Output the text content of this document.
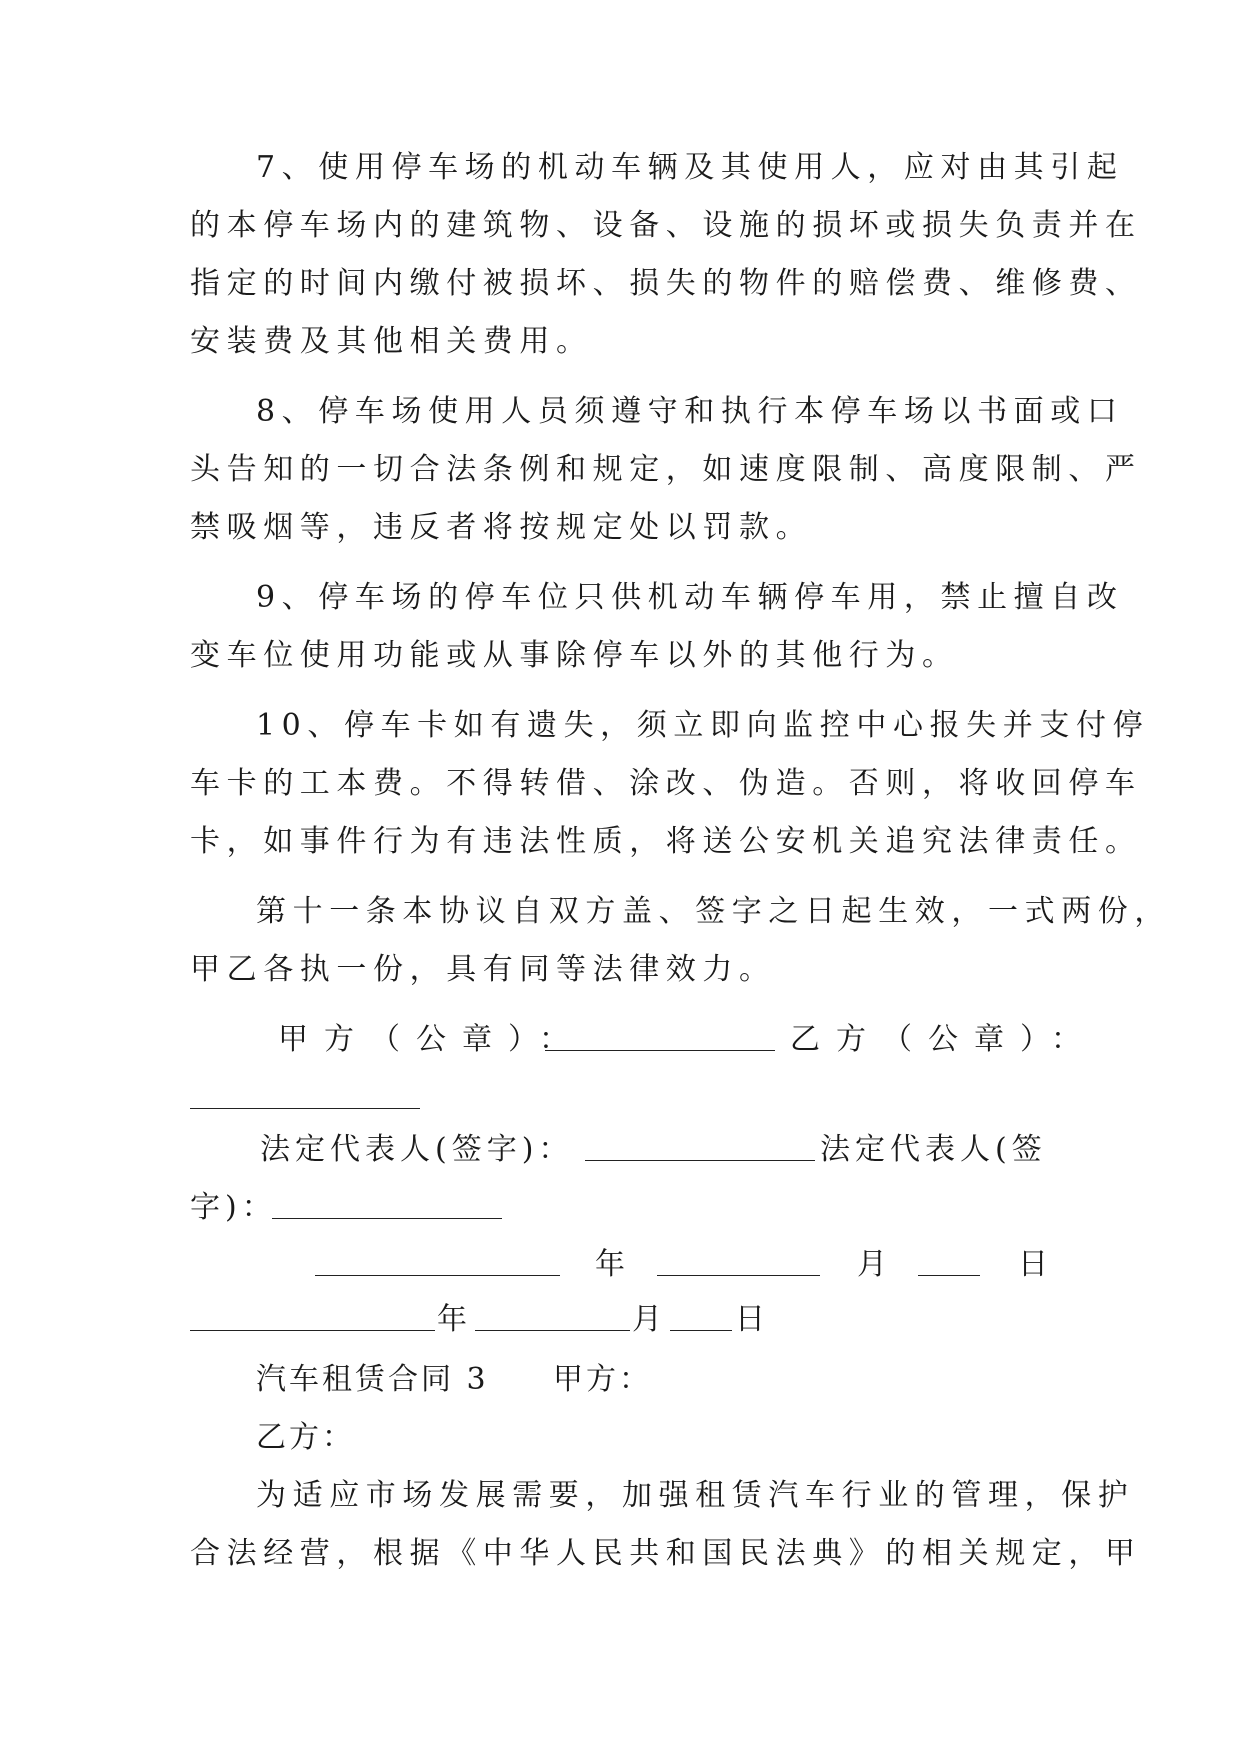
7、使用停车场的机动车辆及其使用人，应对由其引起
的本停车场内的建筑物、设备、设施的损坏或损失负责并在
指定的时间内缴付被损坏、损失的物件的赔偿费、维修费、
安装费及其他相关费用。
8、停车场使用人员须遵守和执行本停车场以书面或口
头告知的一切合法条例和规定，如速度限制、高度限制、严
禁吸烟等，违反者将按规定处以罚款。
9、停车场的停车位只供机动车辆停车用，禁止擅自改
变车位使用功能或从事除停车以外的其他行为。
10、停车卡如有遗失，须立即向监控中心报失并支付停
车卡的工本费。不得转借、涂改、伪造。否则，将收回停车
卡，如事件行为有违法性质，将送公安机关追究法律责任。
第十一条本协议自双方盖、签字之日起生效，一式两份，
甲乙各执一份，具有同等法律效力。
甲方（公章）：	乙方（公章）：
法定代表人(签字)：	法定代表人(签
字)：
年	月	日
年	月 日
汽车租赁合同 3 甲方：
乙方：
为适应市场发展需要，加强租赁汽车行业的管理，保护
合法经营，根据《中华人民共和国民法典》的相关规定，甲
